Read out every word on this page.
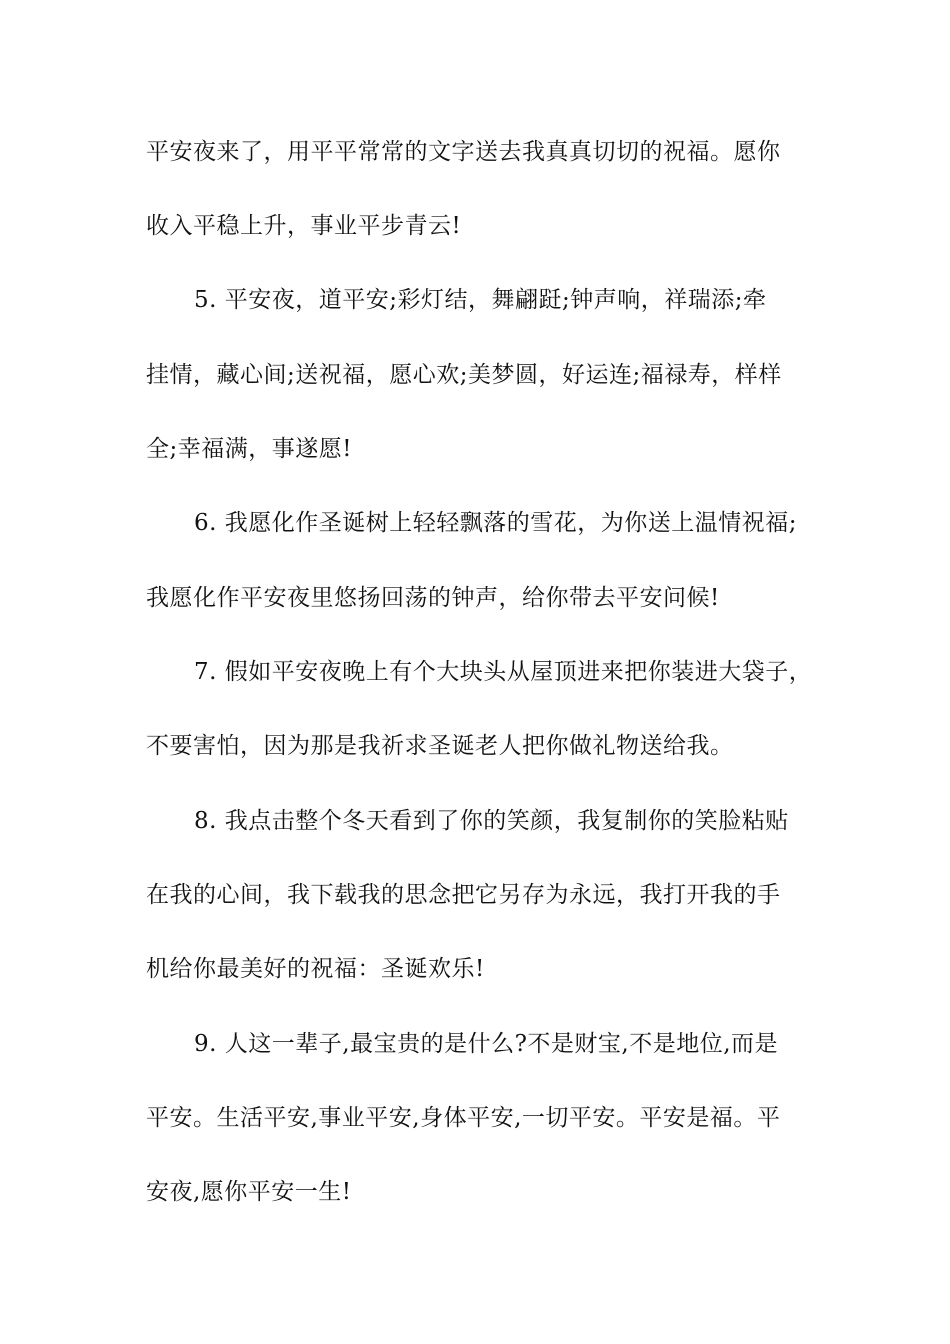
平安夜来了，用平平常常的文字送去我真真切切的祝福。愿你
收入平稳上升，事业平步青云!
5. 平安夜，道平安;彩灯结，舞翩跹;钟声响，祥瑞添;牵
挂情，藏心间;送祝福，愿心欢;美梦圆，好运连;福禄寿，样样
全;幸福满，事遂愿!
6. 我愿化作圣诞树上轻轻飘落的雪花，为你送上温情祝福;
我愿化作平安夜里悠扬回荡的钟声，给你带去平安问候!
7. 假如平安夜晚上有个大块头从屋顶进来把你装进大袋子，
不要害怕，因为那是我祈求圣诞老人把你做礼物送给我。
8. 我点击整个冬天看到了你的笑颜，我复制你的笑脸粘贴
在我的心间，我下载我的思念把它另存为永远，我打开我的手
机给你最美好的祝福：圣诞欢乐!
9. 人这一辈子,最宝贵的是什么?不是财宝,不是地位,而是
平安。生活平安,事业平安,身体平安,一切平安。平安是福。平
安夜,愿你平安一生!
